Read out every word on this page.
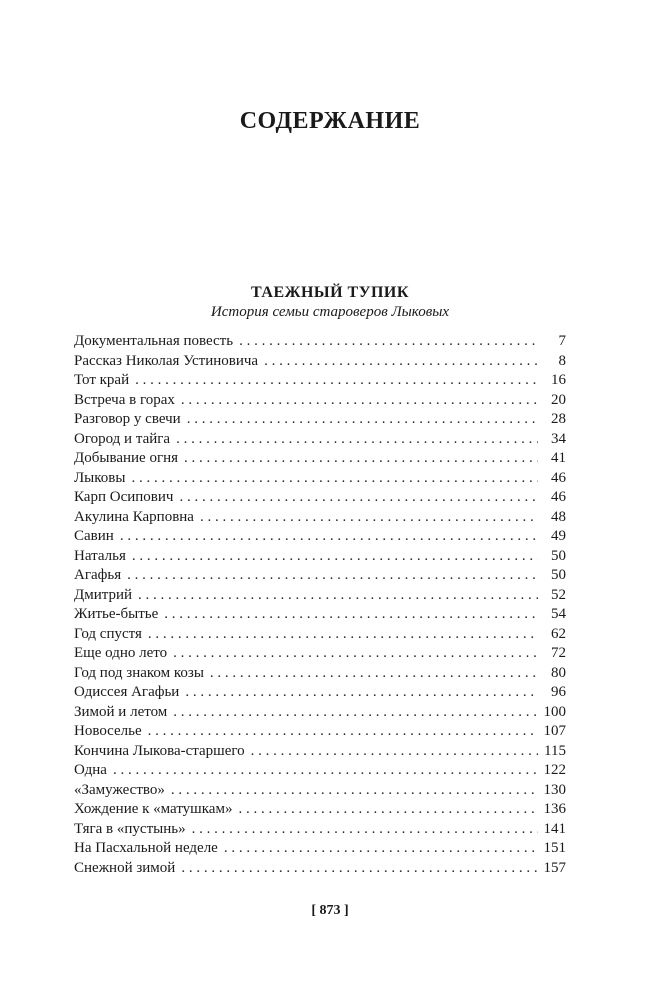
СОДЕРЖАНИЕ
ТАЕЖНЫЙ ТУПИК
История семьи староверов Лыковых
Документальная повесть . . .	7
Рассказ Николая Устиновича . . .	8
Тот край . . .	16
Встреча в горах . . .	20
Разговор у свечи . . .	28
Огород и тайга . . .	34
Добывание огня . . .	41
Лыковы . . .	46
Карп Осипович . . .	46
Акулина Карповна . . .	48
Савин . . .	49
Наталья . . .	50
Агафья . . .	50
Дмитрий . . .	52
Житье-бытье . . .	54
Год спустя . . .	62
Еще одно лето . . .	72
Год под знаком козы . . .	80
Одиссея Агафьи . . .	96
Зимой и летом . . .	100
Новоселье . . .	107
Кончина Лыкова-старшего . . .	115
Одна . . .	122
«Замужество» . . .	130
Хождение к «матушкам» . . .	136
Тяга в «пустынь» . . .	141
На Пасхальной неделе . . .	151
Снежной зимой . . .	157
[ 873 ]
